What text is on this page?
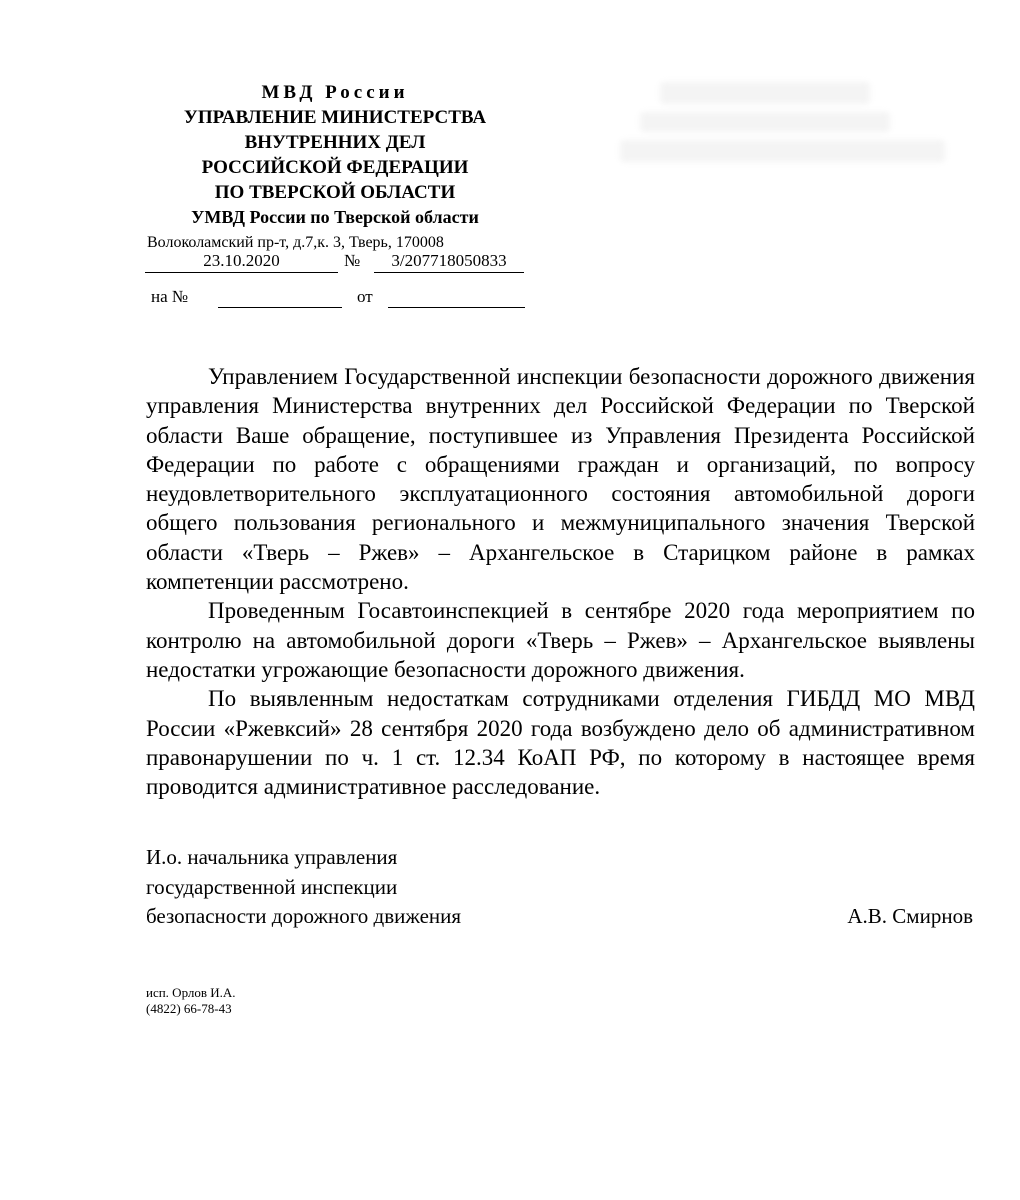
МВД России
УПРАВЛЕНИЕ МИНИСТЕРСТВА
ВНУТРЕННИХ ДЕЛ
РОССИЙСКОЙ ФЕДЕРАЦИИ
ПО ТВЕРСКОЙ ОБЛАСТИ
УМВД России по Тверской области
Волоколамский пр-т, д.7,к. 3, Тверь, 170008
23.10.2020	№	3/207718050833
на №	от

Управлением Государственной инспекции безопасности дорожного движения управления Министерства внутренних дел Российской Федерации по Тверской области Ваше обращение, поступившее из Управления Президента Российской Федерации по работе с обращениями граждан и организаций, по вопросу неудовлетворительного эксплуатационного состояния автомобильной дороги общего пользования регионального и межмуниципального значения Тверской области «Тверь – Ржев» – Архангельское в Старицком районе в рамках компетенции рассмотрено.

Проведенным Госавтоинспекцией в сентябре 2020 года мероприятием по контролю на автомобильной дороги «Тверь – Ржев» – Архангельское выявлены недостатки угрожающие безопасности дорожного движения.

По выявленным недостаткам сотрудниками отделения ГИБДД МО МВД России «Ржевксий» 28 сентября 2020 года возбуждено дело об административном правонарушении по ч. 1 ст. 12.34 КоАП РФ, по которому в настоящее время проводится административное расследование.

И.о. начальника управления
государственной инспекции
безопасности дорожного движения	А.В. Смирнов
исп. Орлов И.А.
(4822) 66-78-43
